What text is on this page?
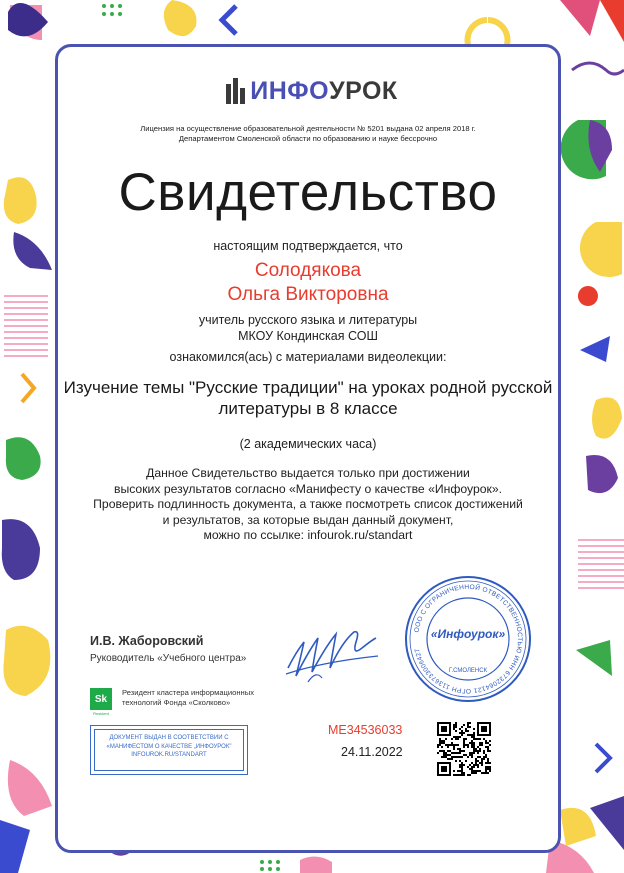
ИНФО УРОК
Лицензия на осуществление образовательной деятельности № 5201 выдана 02 апреля 2018 г.
Департаментом Смоленской области по образованию и науке бессрочно
Свидетельство
настоящим подтверждается, что
Солодякова
Ольга Викторовна
учитель русского языка и литературы
МКОУ Кондинская СОШ
ознакомился(ась) с материалами видеолекции:
Изучение темы "Русские традиции" на уроках родной русской
литературы в 8 классе
(2 академических часа)
Данное Свидетельство выдается только при достижении
высоких результатов согласно «Манифесту о качестве «Инфоурок».
Проверить подлинность документа, а также посмотреть список достижений
и результатов, за которые выдан данный документ,
можно по ссылке: infourok.ru/standart
И.В. Жаборовский
Руководитель «Учебного центра»
Sk
Resident
Резидент кластера информационных
технологий Фонда «Сколково»
ДОКУМЕНТ ВЫДАН В СООТВЕТСТВИИ С
«МАНИФЕСТОМ О КАЧЕСТВЕ „ИНФОУРОК"
INFOUROK.RU/STANDART
МЕ34536033
24.11.2022
ООО С ОГРАНИЧЕННОЙ ОТВЕТСТВЕННОСТЬЮ ИНН 6732064121 ОГРН 1136733006427
«Инфоурок»
Г.СМОЛЕНСК
